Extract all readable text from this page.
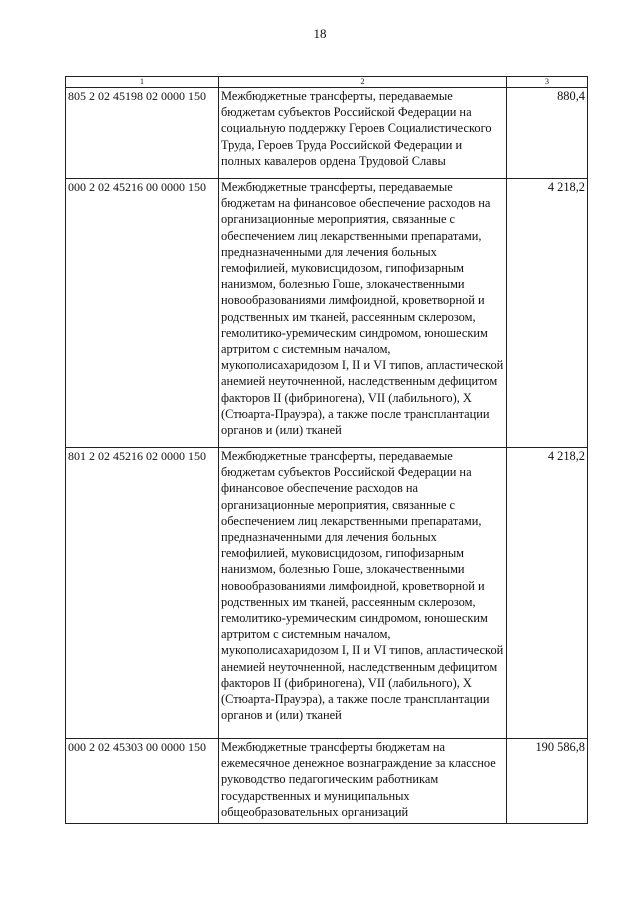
18
1	2	3
805 2 02 45198 02 0000 150	Межбюджетные трансферты, передаваемые бюджетам субъектов Российской Федерации на социальную поддержку Героев Социалистического Труда, Героев Труда Российской Федерации и полных кавалеров ордена Трудовой Славы	880,4
000 2 02 45216 00 0000 150	Межбюджетные трансферты, передаваемые бюджетам на финансовое обеспечение расходов на организационные мероприятия, связанные с обеспечением лиц лекарственными препаратами, предназначенными для лечения больных гемофилией, муковисцидозом, гипофизарным нанизмом, болезнью Гоше, злокачественными новообразованиями лимфоидной, кроветворной и родственных им тканей, рассеянным склерозом, гемолитико-уремическим синдромом, юношеским артритом с системным началом, мукополисахаридозом I, II и VI типов, апластической анемией неуточненной, наследственным дефицитом факторов II (фибриногена), VII (лабильного), X (Стюарта-Прауэра), а также после трансплантации органов и (или) тканей	4 218,2
801 2 02 45216 02 0000 150	Межбюджетные трансферты, передаваемые бюджетам субъектов Российской Федерации на финансовое обеспечение расходов на организационные мероприятия, связанные с обеспечением лиц лекарственными препаратами, предназначенными для лечения больных гемофилией, муковисцидозом, гипофизарным нанизмом, болезнью Гоше, злокачественными новообразованиями лимфоидной, кроветворной и родственных им тканей, рассеянным склерозом, гемолитико-уремическим синдромом, юношеским артритом с системным началом, мукополисахаридозом I, II и VI типов, апластической анемией неуточненной, наследственным дефицитом факторов II (фибриногена), VII (лабильного), X (Стюарта-Прауэра), а также после трансплантации органов и (или) тканей	4 218,2
000 2 02 45303 00 0000 150	Межбюджетные трансферты бюджетам на ежемесячное денежное вознаграждение за классное руководство педагогическим работникам государственных и муниципальных общеобразовательных организаций	190 586,8
